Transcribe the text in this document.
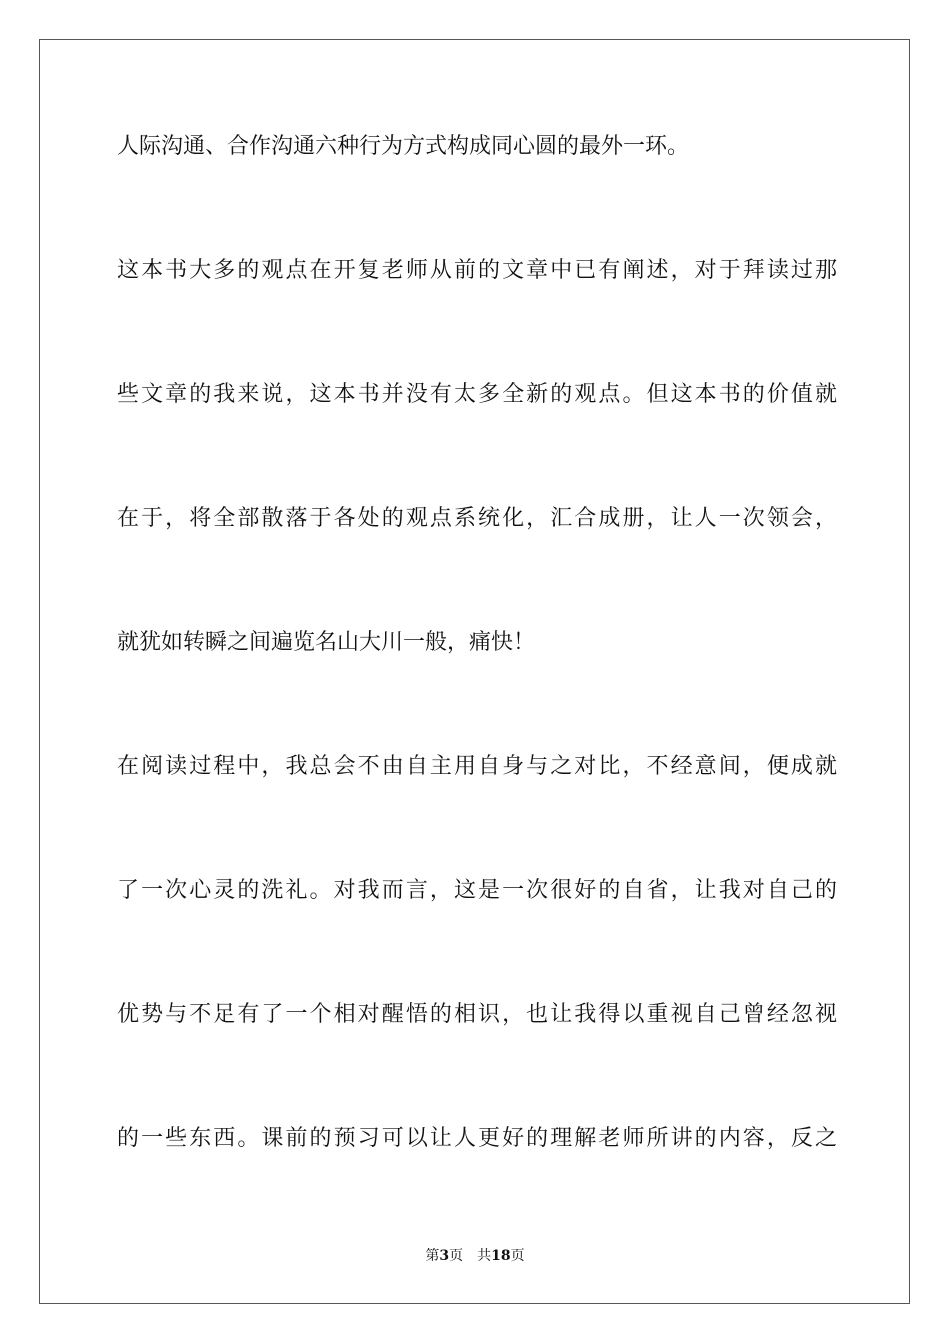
人际沟通、合作沟通六种行为方式构成同心圆的最外一环。
这本书大多的观点在开复老师从前的文章中已有阐述，对于拜读过那
些文章的我来说，这本书并没有太多全新的观点。但这本书的价值就
在于，将全部散落于各处的观点系统化，汇合成册，让人一次领会，
就犹如转瞬之间遍览名山大川一般，痛快！
在阅读过程中，我总会不由自主用自身与之对比，不经意间，便成就
了一次心灵的洗礼。对我而言，这是一次很好的自省，让我对自己的
优势与不足有了一个相对醒悟的相识，也让我得以重视自己曾经忽视
的一些东西。课前的预习可以让人更好的理解老师所讲的内容，反之
第3页 共18页
